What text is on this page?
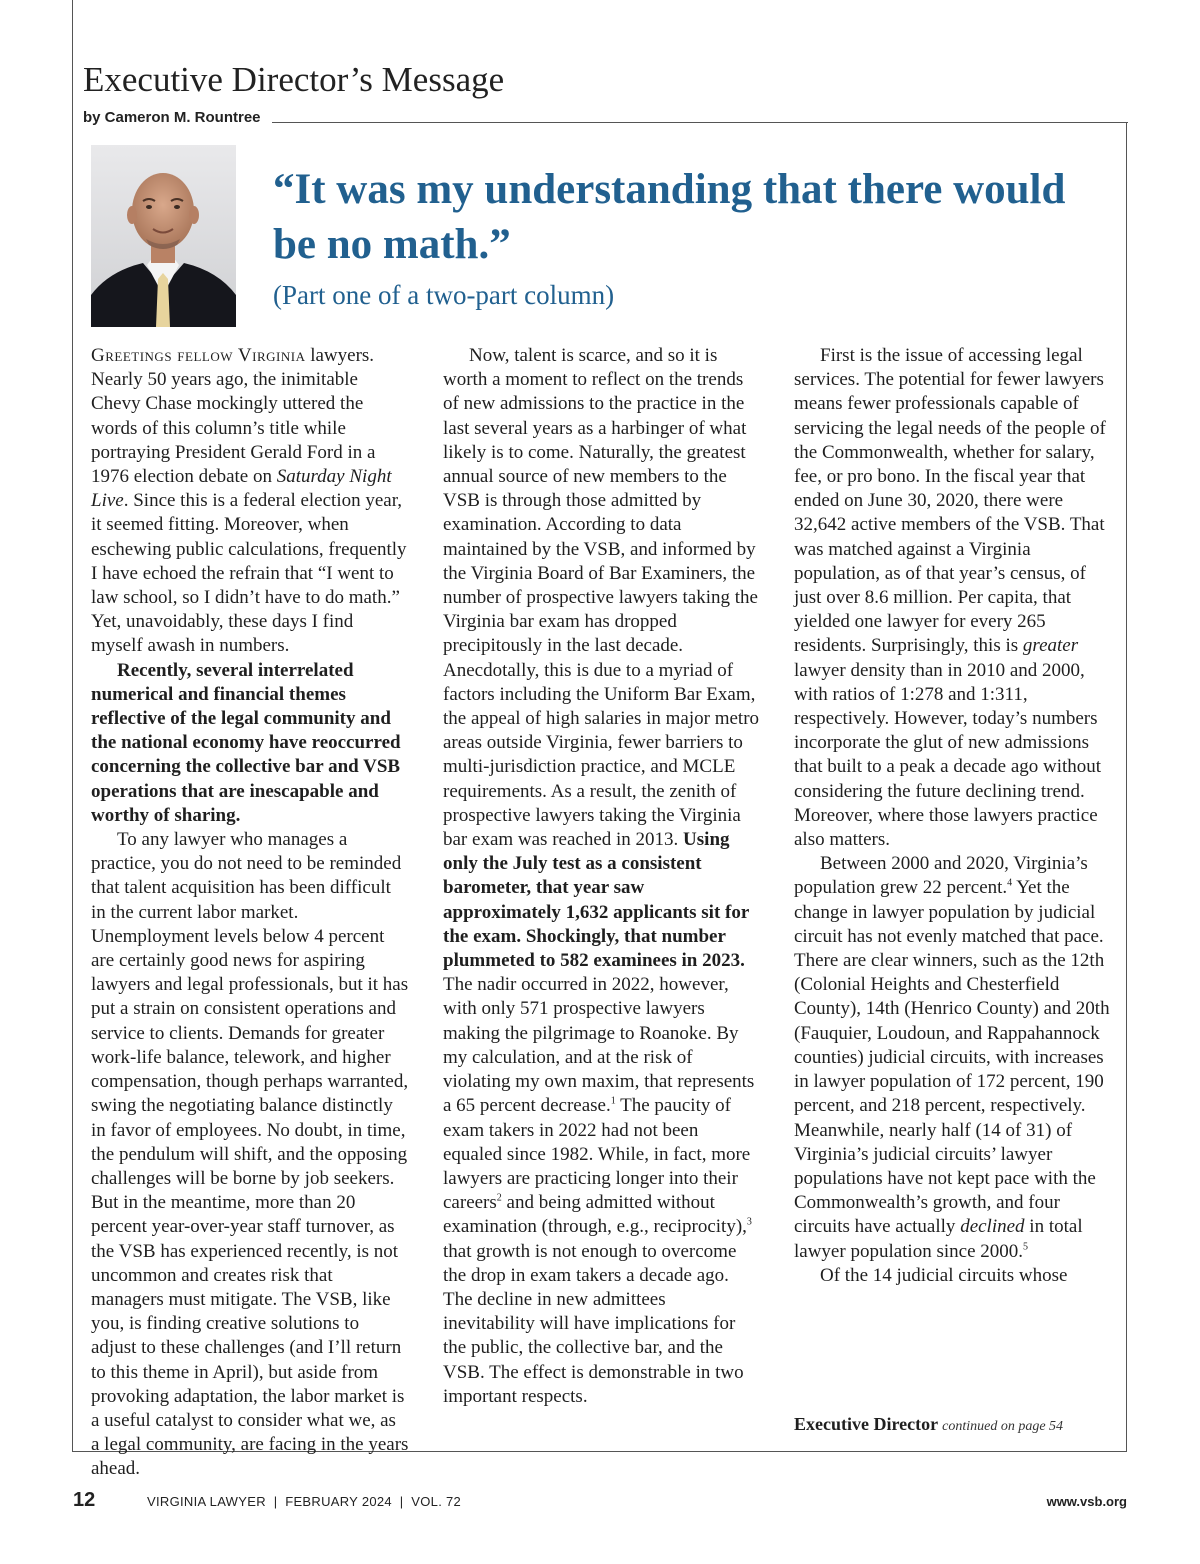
Executive Director’s Message
by Cameron M. Rountree
“It was my understanding that there would be no math.”
(Part one of a two-part column)

Greetings fellow Virginia lawyers. Nearly 50 years ago, the inimitable Chevy Chase mockingly uttered the words of this column’s title while portraying President Gerald Ford in a 1976 election debate on Saturday Night Live. Since this is a federal election year, it seemed fitting. Moreover, when eschewing public calculations, frequently I have echoed the refrain that “I went to law school, so I didn’t have to do math.” Yet, unavoidably, these days I find myself awash in numbers.

Recently, several interrelated numerical and financial themes reflective of the legal community and the national economy have reoccurred concerning the collective bar and VSB operations that are inescapable and worthy of sharing.

To any lawyer who manages a practice, you do not need to be reminded that talent acquisition has been difficult in the current labor market. Unemployment levels below 4 percent are certainly good news for aspiring lawyers and legal professionals, but it has put a strain on consistent operations and service to clients. Demands for greater work-life balance, telework, and higher compensation, though perhaps warranted, swing the negotiating balance distinctly in favor of employees. No doubt, in time, the pendulum will shift, and the opposing challenges will be borne by job seekers. But in the meantime, more than 20 percent year-over-year staff turnover, as the VSB has experienced recently, is not uncommon and creates risk that managers must mitigate. The VSB, like you, is finding creative solutions to adjust to these challenges (and I’ll return to this theme in April), but aside from provoking adaptation, the labor market is a useful catalyst to consider what we, as a legal community, are facing in the years ahead.

Now, talent is scarce, and so it is worth a moment to reflect on the trends of new admissions to the practice in the last several years as a harbinger of what likely is to come. Naturally, the greatest annual source of new members to the VSB is through those admitted by examination. According to data maintained by the VSB, and informed by the Virginia Board of Bar Examiners, the number of prospective lawyers taking the Virginia bar exam has dropped precipitously in the last decade. Anecdotally, this is due to a myriad of factors including the Uniform Bar Exam, the appeal of high salaries in major metro areas outside Virginia, fewer barriers to multi-jurisdiction practice, and MCLE requirements. As a result, the zenith of prospective lawyers taking the Virginia bar exam was reached in 2013. Using only the July test as a consistent barometer, that year saw approximately 1,632 applicants sit for the exam. Shockingly, that number plummeted to 582 examinees in 2023. The nadir occurred in 2022, however, with only 571 prospective lawyers making the pilgrimage to Roanoke. By my calculation, and at the risk of violating my own maxim, that represents a 65 percent decrease.$^1$ The paucity of exam takers in 2022 had not been equaled since 1982. While, in fact, more lawyers are practicing longer into their careers$^2$ and being admitted without examination (through, e.g., reciprocity),$^3$ that growth is not enough to overcome the drop in exam takers a decade ago. The decline in new admittees inevitability will have implications for the public, the collective bar, and the VSB. The effect is demonstrable in two important respects.

First is the issue of accessing legal services. The potential for fewer lawyers means fewer professionals capable of servicing the legal needs of the people of the Commonwealth, whether for salary, fee, or pro bono. In the fiscal year that ended on June 30, 2020, there were 32,642 active members of the VSB. That was matched against a Virginia population, as of that year’s census, of just over 8.6 million. Per capita, that yielded one lawyer for every 265 residents. Surprisingly, this is greater lawyer density than in 2010 and 2000, with ratios of 1:278 and 1:311, respectively. However, today’s numbers incorporate the glut of new admissions that built to a peak a decade ago without considering the future declining trend. Moreover, where those lawyers practice also matters.

Between 2000 and 2020, Virginia’s population grew 22 percent.$^4$ Yet the change in lawyer population by judicial circuit has not evenly matched that pace. There are clear winners, such as the 12th (Colonial Heights and Chesterfield County), 14th (Henrico County) and 20th (Fauquier, Loudoun, and Rappahannock counties) judicial circuits, with increases in lawyer population of 172 percent, 190 percent, and 218 percent, respectively. Meanwhile, nearly half (14 of 31) of Virginia’s judicial circuits’ lawyer populations have not kept pace with the Commonwealth’s growth, and four circuits have actually declined in total lawyer population since 2000.$^5$

Of the 14 judicial circuits whose

Executive Director continued on page 54
12	VIRGINIA LAWYER  |  FEBRUARY 2024  |  VOL. 72	www.vsb.org
